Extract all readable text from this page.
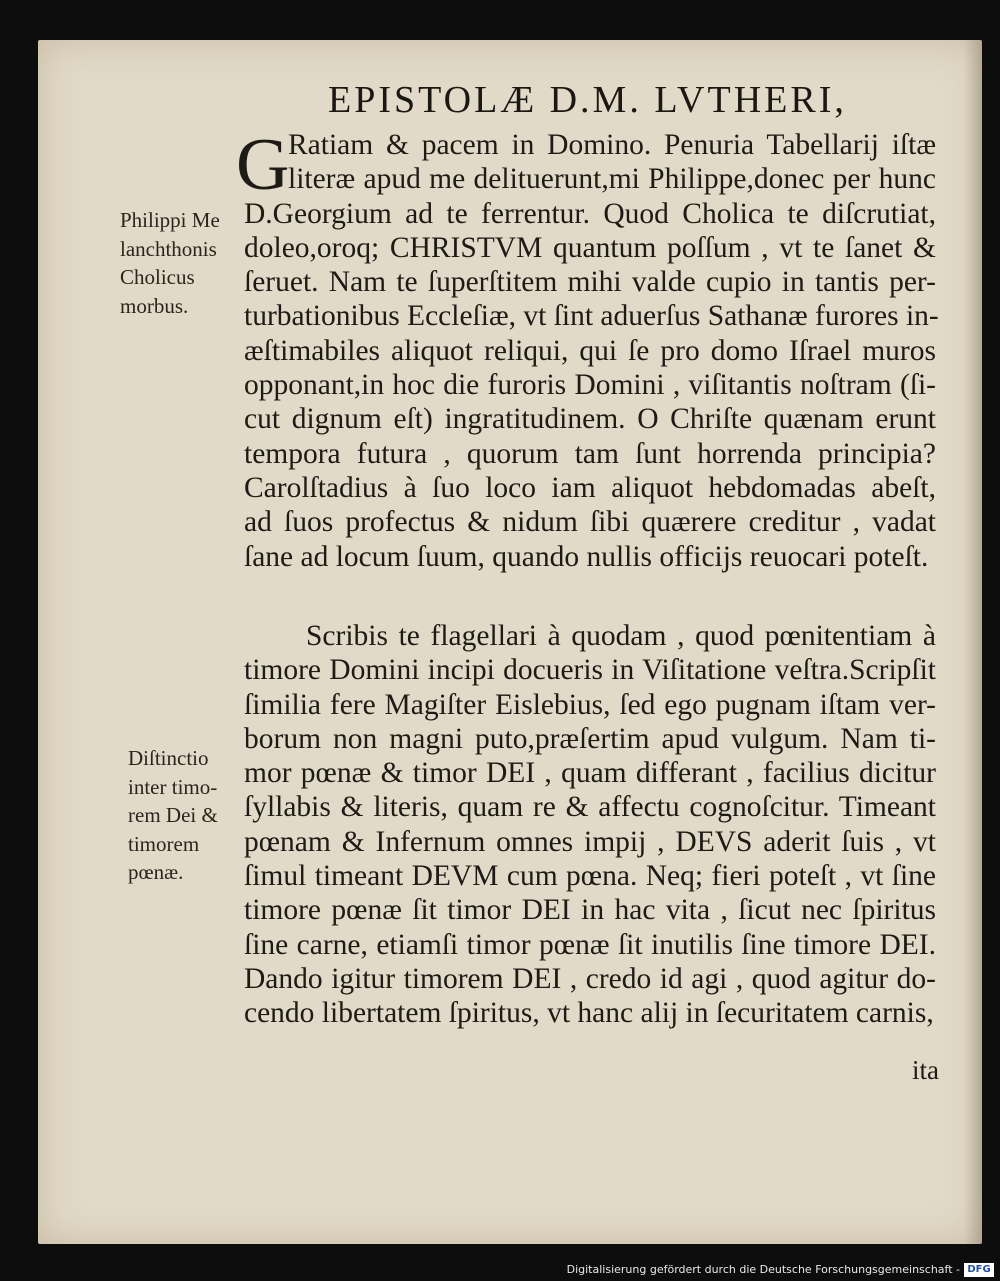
EPISTOLÆ D.M. LVTHERI,
G
Ratiam & pacem in Domino. Penuria Tabellarij iſtæ
literæ apud me delituerunt,mi Philippe,donec per hunc
D.Georgium ad te ferrentur. Quod Cholica te diſcrutiat,
doleo,oroq; CHRISTVM quantum poſſum , vt te ſanet &
ſeruet. Nam te ſuperſtitem mihi valde cupio in tantis per-
turbationibus Eccleſiæ, vt ſint aduerſus Sathanæ furores in-
æſtimabiles aliquot reliqui, qui ſe pro domo Iſrael muros
opponant,in hoc die furoris Domini , viſitantis noſtram (ſi-
cut dignum eſt) ingratitudinem. O Chriſte quænam erunt
tempora futura , quorum tam ſunt horrenda principia?
Carolſtadius à ſuo loco iam aliquot hebdomadas abeſt,
ad ſuos profectus & nidum ſibi quærere creditur , vadat
ſane ad locum ſuum, quando nullis officijs reuocari poteſt.
Scribis te flagellari à quodam , quod pœnitentiam à
timore Domini incipi docueris in Viſitatione veſtra.Scripſit
ſimilia fere Magiſter Eislebius, ſed ego pugnam iſtam ver-
borum non magni puto,præſertim apud vulgum. Nam ti-
mor pœnæ & timor DEI , quam differant , facilius dicitur
ſyllabis & literis, quam re & affectu cognoſcitur. Timeant
pœnam & Infernum omnes impij , DEVS aderit ſuis , vt
ſimul timeant DEVM cum pœna. Neq; fieri poteſt , vt ſine
timore pœnæ ſit timor DEI in hac vita , ſicut nec ſpiritus
ſine carne, etiamſi timor pœnæ ſit inutilis ſine timore DEI.
Dando igitur timorem DEI , credo id agi , quod agitur do-
cendo libertatem ſpiritus, vt hanc alij in ſecuritatem carnis,
ita
Philippi Me
lanchthonis
Cholicus
morbus.
Diſtinctio
inter timo-
rem Dei &
timorem
pœnæ.
Digitalisierung gefördert durch die Deutsche Forschungsgemeinschaft - DFG
